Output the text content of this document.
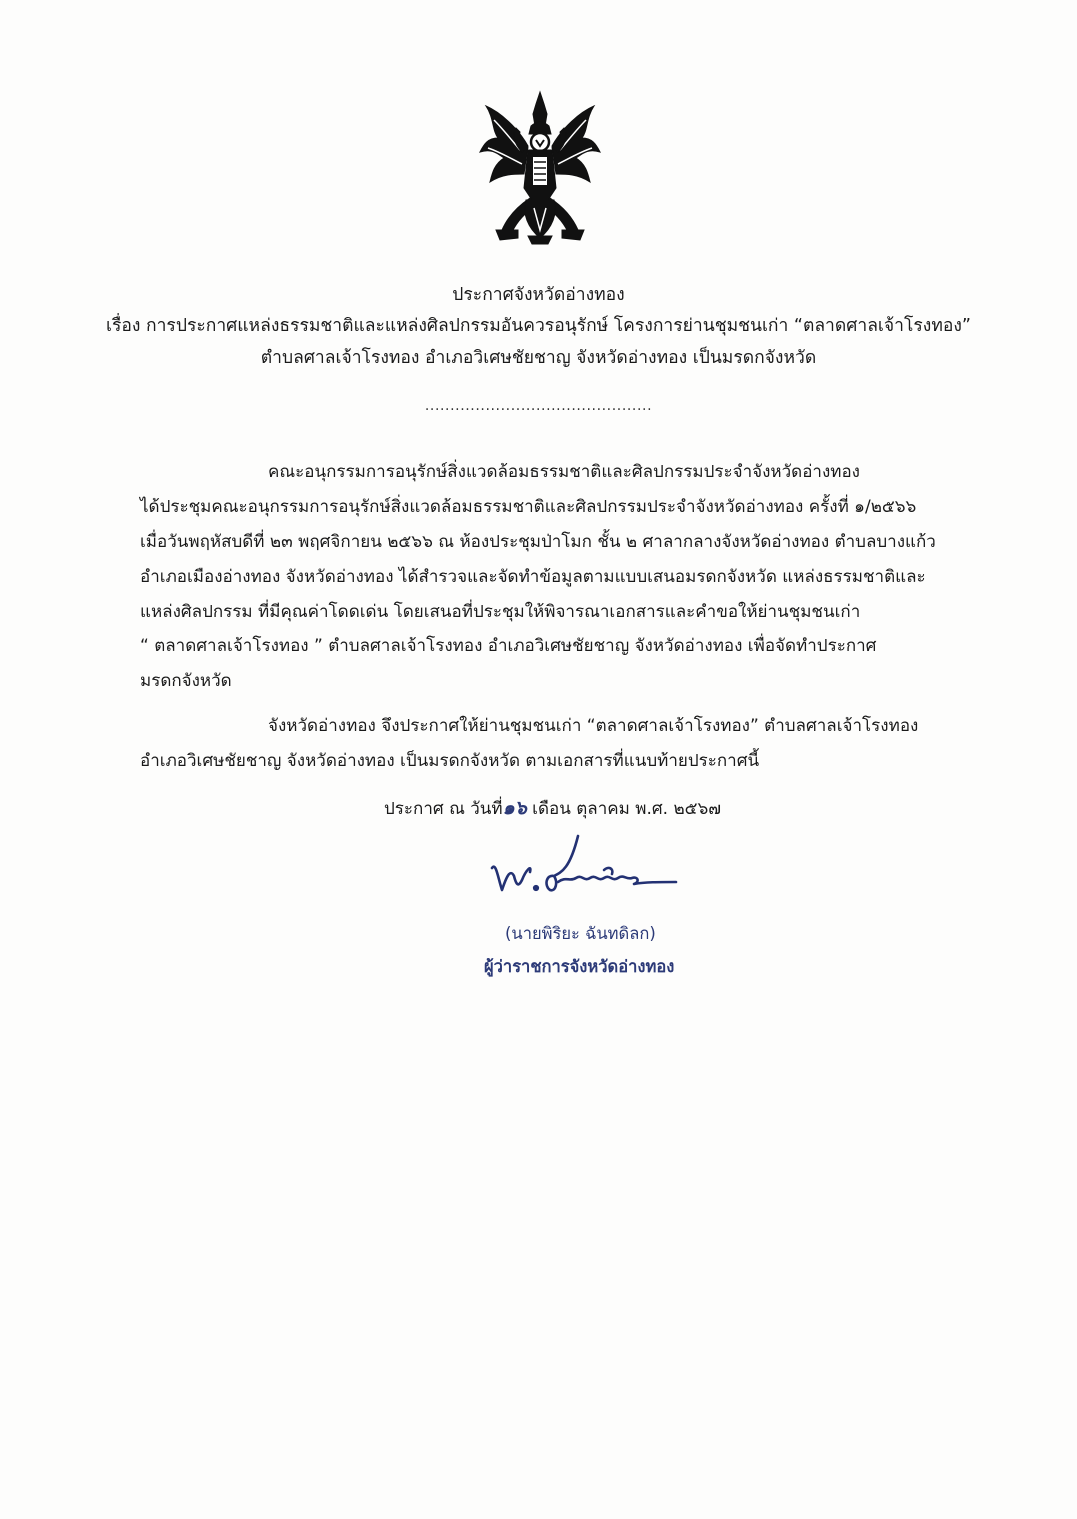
ประกาศจังหวัดอ่างทอง
เรื่อง การประกาศแหล่งธรรมชาติและแหล่งศิลปกรรมอันควรอนุรักษ์ โครงการย่านชุมชนเก่า “ตลาดศาลเจ้าโรงทอง”
ตำบลศาลเจ้าโรงทอง อำเภอวิเศษชัยชาญ จังหวัดอ่างทอง เป็นมรดกจังหวัด
.............................................
คณะอนุกรรมการอนุรักษ์สิ่งแวดล้อมธรรมชาติและศิลปกรรมประจำจังหวัดอ่างทอง
ได้ประชุมคณะอนุกรรมการอนุรักษ์สิ่งแวดล้อมธรรมชาติและศิลปกรรมประจำจังหวัดอ่างทอง ครั้งที่ ๑/๒๕๖๖
เมื่อวันพฤหัสบดีที่ ๒๓ พฤศจิกายน ๒๕๖๖ ณ ห้องประชุมป่าโมก ชั้น ๒ ศาลากลางจังหวัดอ่างทอง ตำบลบางแก้ว
อำเภอเมืองอ่างทอง จังหวัดอ่างทอง ได้สำรวจและจัดทำข้อมูลตามแบบเสนอมรดกจังหวัด แหล่งธรรมชาติและ
แหล่งศิลปกรรม ที่มีคุณค่าโดดเด่น โดยเสนอที่ประชุมให้พิจารณาเอกสารและคำขอให้ย่านชุมชนเก่า
“ ตลาดศาลเจ้าโรงทอง ” ตำบลศาลเจ้าโรงทอง อำเภอวิเศษชัยชาญ จังหวัดอ่างทอง เพื่อจัดทำประกาศ
มรดกจังหวัด
จังหวัดอ่างทอง จึงประกาศให้ย่านชุมชนเก่า “ตลาดศาลเจ้าโรงทอง” ตำบลศาลเจ้าโรงทอง
อำเภอวิเศษชัยชาญ จังหวัดอ่างทอง เป็นมรดกจังหวัด ตามเอกสารที่แนบท้ายประกาศนี้
ประกาศ ณ วันที่๑๖ เดือน ตุลาคม พ.ศ. ๒๕๖๗
(นายพิริยะ ฉันทดิลก)
ผู้ว่าราชการจังหวัดอ่างทอง
